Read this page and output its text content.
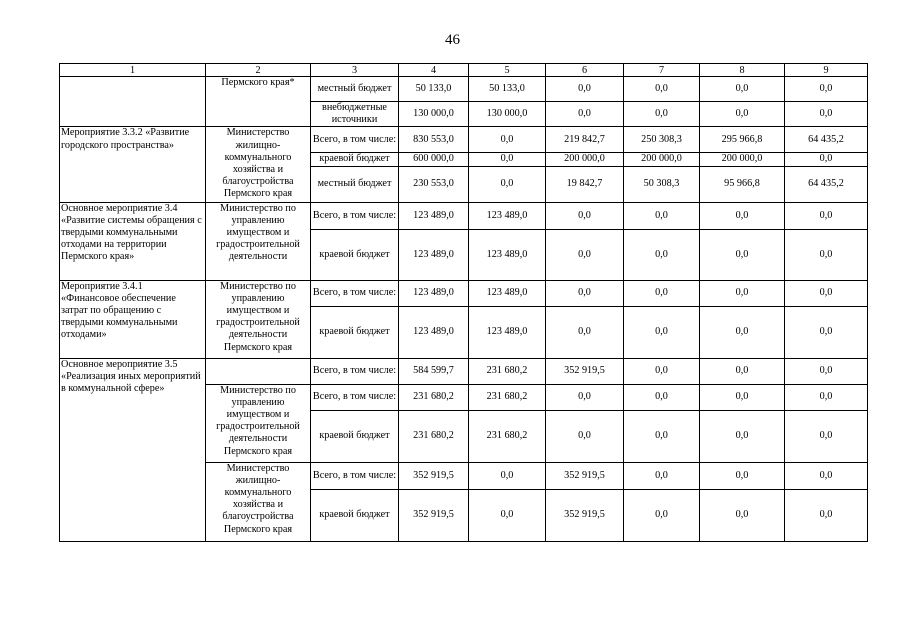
46
1	2	3	4	5	6	7	8	9
	Пермского края*	местный бюджет	50 133,0	50 133,0	0,0	0,0	0,0	0,0
		внебюджетные источники	130 000,0	130 000,0	0,0	0,0	0,0	0,0
Мероприятие 3.3.2 «Развитие городского пространства»	Министерство жилищно-коммунального хозяйства и благоустройства Пермского края	Всего, в том числе:	830 553,0	0,0	219 842,7	250 308,3	295 966,8	64 435,2
		краевой бюджет	600 000,0	0,0	200 000,0	200 000,0	200 000,0	0,0
		местный бюджет	230 553,0	0,0	19 842,7	50 308,3	95 966,8	64 435,2
Основное мероприятие 3.4 «Развитие системы обращения с твердыми коммунальными отходами на территории Пермского края»	Министерство по управлению имуществом и градостроительной деятельности	Всего, в том числе:	123 489,0	123 489,0	0,0	0,0	0,0	0,0
		краевой бюджет	123 489,0	123 489,0	0,0	0,0	0,0	0,0
Мероприятие 3.4.1 «Финансовое обеспечение затрат по обращению с твердыми коммунальными отходами»	Министерство по управлению имуществом и градостроительной деятельности Пермского края	Всего, в том числе:	123 489,0	123 489,0	0,0	0,0	0,0	0,0
		краевой бюджет	123 489,0	123 489,0	0,0	0,0	0,0	0,0
Основное мероприятие 3.5 «Реализация иных мероприятий в коммунальной сфере»		Всего, в том числе:	584 599,7	231 680,2	352 919,5	0,0	0,0	0,0
	Министерство по управлению имуществом и градостроительной деятельности Пермского края	Всего, в том числе:	231 680,2	231 680,2	0,0	0,0	0,0	0,0
		краевой бюджет	231 680,2	231 680,2	0,0	0,0	0,0	0,0
	Министерство жилищно-коммунального хозяйства и благоустройства Пермского края	Всего, в том числе:	352 919,5	0,0	352 919,5	0,0	0,0	0,0
		краевой бюджет	352 919,5	0,0	352 919,5	0,0	0,0	0,0
